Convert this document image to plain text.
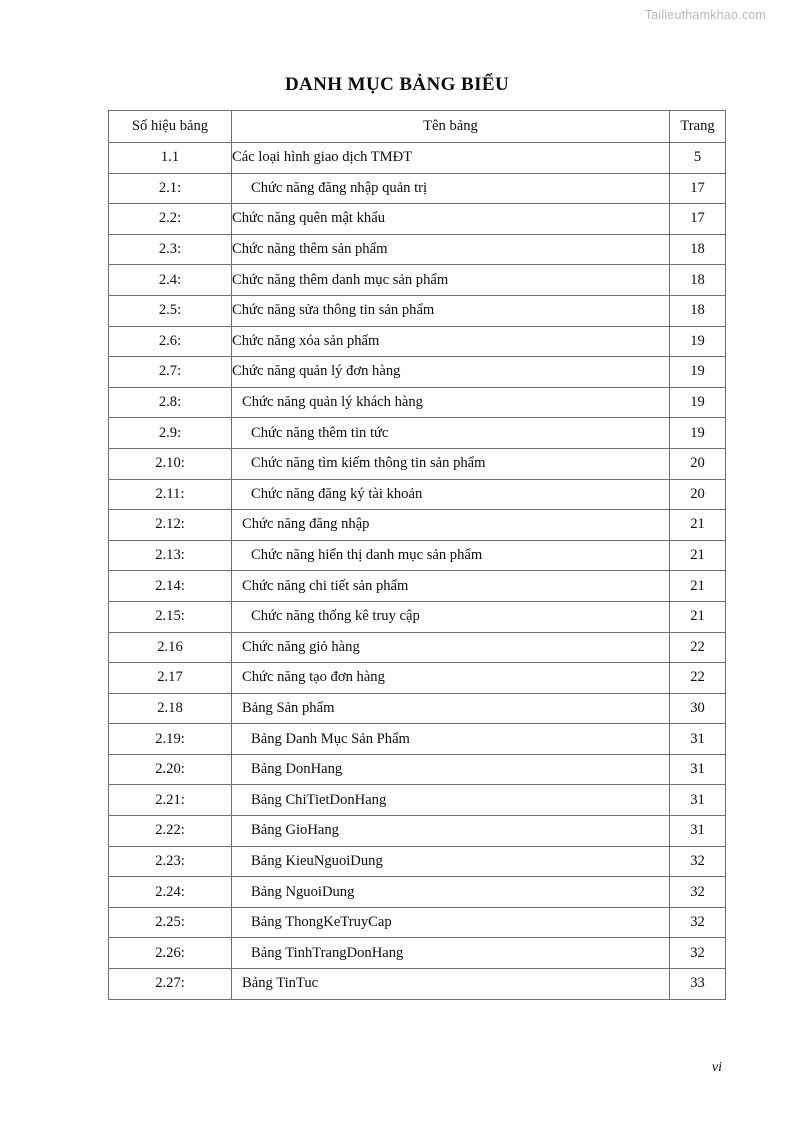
Tailieuthamkhao.com
DANH MỤC BẢNG BIỂU
Số hiệu bảng	Tên bảng	Trang
1.1	Các loại hình giao dịch TMĐT	5
2.1:	Chức năng đăng nhập quản trị	17
2.2:	Chức năng quên mật khẩu	17
2.3:	Chức năng thêm sản phẩm	18
2.4:	Chức năng thêm danh mục sản phẩm	18
2.5:	Chức năng sửa thông tin sản phẩm	18
2.6:	Chức năng xóa sản phẩm	19
2.7:	Chức năng quản lý đơn hàng	19
2.8:	Chức năng quản lý khách hàng	19
2.9:	Chức năng thêm tin tức	19
2.10:	Chức năng tìm kiếm thông tin sản phẩm	20
2.11:	Chức năng đăng ký tài khoản	20
2.12:	Chức năng đăng nhập	21
2.13:	Chức năng hiển thị danh mục sản phẩm	21
2.14:	Chức năng chi tiết sản phẩm	21
2.15:	Chức năng thống kê truy cập	21
2.16	Chức năng giỏ hàng	22
2.17	Chức năng tạo đơn hàng	22
2.18	Bảng Sản phẩm	30
2.19:	Bảng Danh Mục Sản Phẩm	31
2.20:	Bảng DonHang	31
2.21:	Bảng ChiTietDonHang	31
2.22:	Bảng GioHang	31
2.23:	Bảng KieuNguoiDung	32
2.24:	Bảng NguoiDung	32
2.25:	Bảng ThongKeTruyCap	32
2.26:	Bảng TinhTrangDonHang	32
2.27:	Bảng TinTuc	33
vi
